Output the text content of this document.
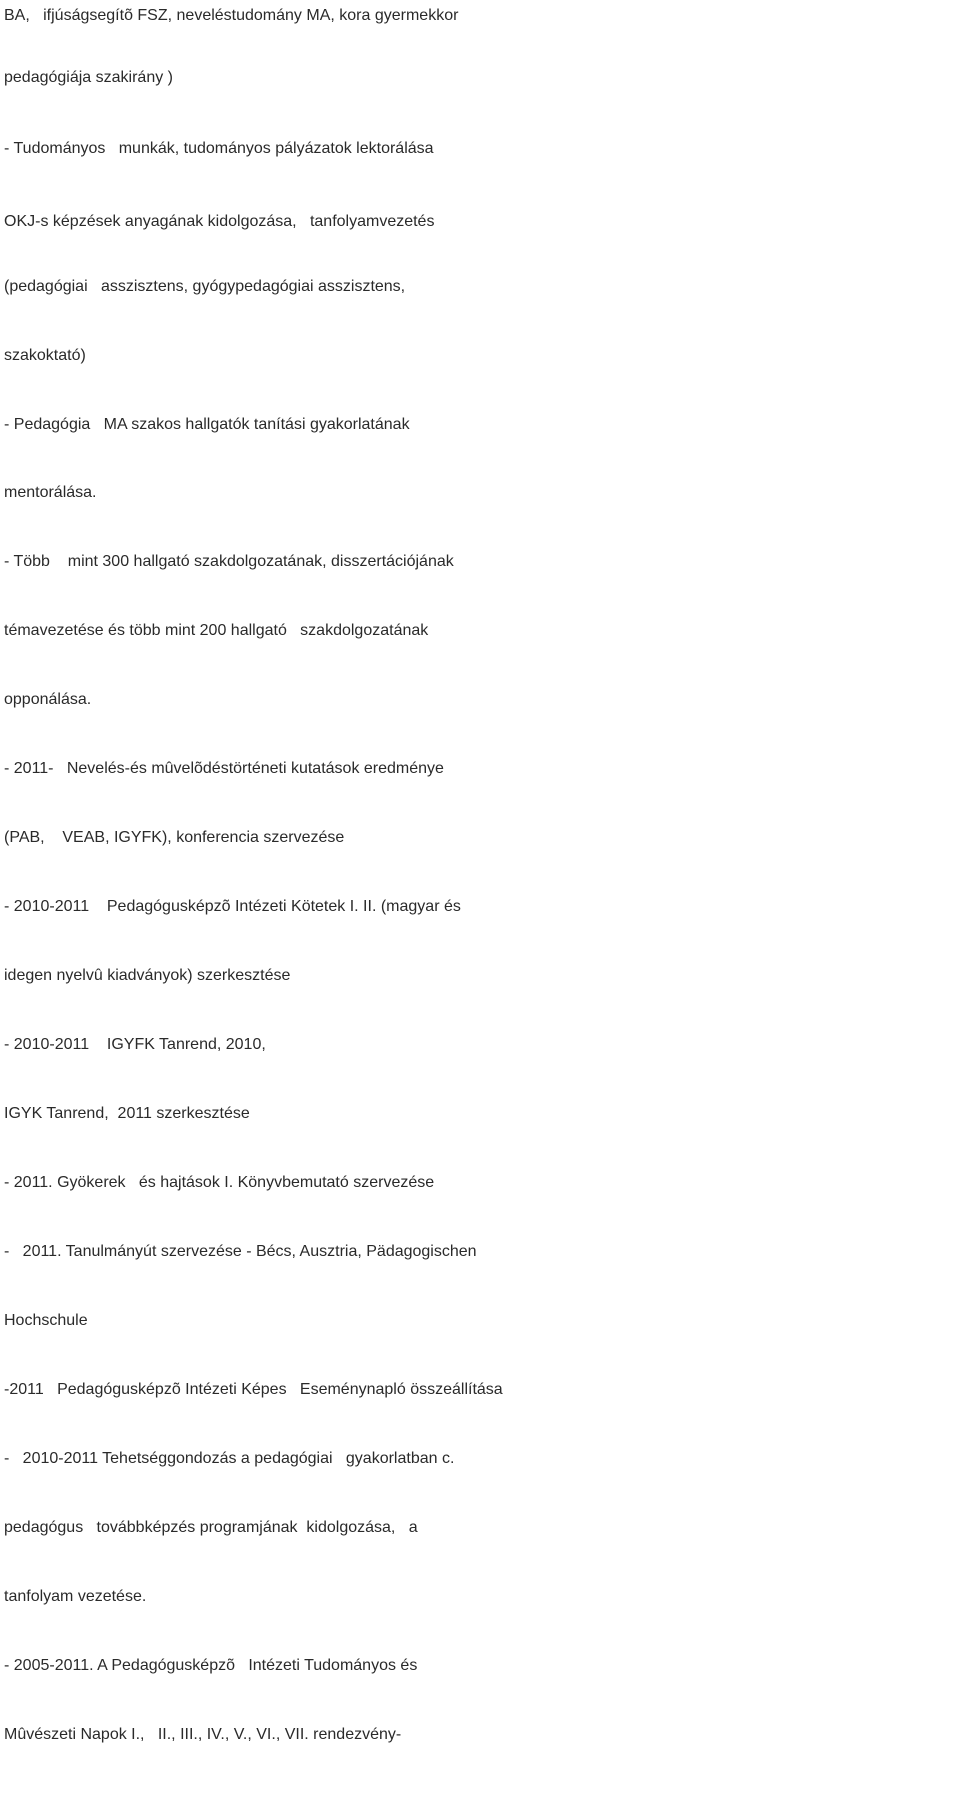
BA,   ifjúságsegítõ FSZ, neveléstudomány MA, kora gyermekkor
pedagógiája szakirány )
- Tudományos   munkák, tudományos pályázatok lektorálása
OKJ-s képzések anyagának kidolgozása,   tanfolyamvezetés
(pedagógiai   asszisztens, gyógypedagógiai asszisztens,
szakoktató)
- Pedagógia   MA szakos hallgatók tanítási gyakorlatának
mentorálása.
- Több    mint 300 hallgató szakdolgozatának, disszertációjának
témavezetése és több mint 200 hallgató   szakdolgozatának
opponálása.
- 2011-   Nevelés-és mûvelõdéstörténeti kutatások eredménye
(PAB,    VEAB, IGYFK), konferencia szervezése
- 2010-2011    Pedagógusképzõ Intézeti Kötetek I. II. (magyar és
idegen nyelvû kiadványok) szerkesztése
- 2010-2011    IGYFK Tanrend, 2010,
IGYK Tanrend,  2011 szerkesztése
- 2011. Gyökerek   és hajtások I. Könyvbemutató szervezése
-   2011. Tanulmányút szervezése - Bécs, Ausztria, Pädagogischen
Hochschule
-2011   Pedagógusképzõ Intézeti Képes   Eseménynapló összeállítása
-   2010-2011 Tehetséggondozás a pedagógiai   gyakorlatban c.
pedagógus   továbbképzés programjának  kidolgozása,   a
tanfolyam vezetése.
- 2005-2011. A Pedagógusképzõ   Intézeti Tudományos és
Mûvészeti Napok I.,   II., III., IV., V., VI., VII. rendezvény-
